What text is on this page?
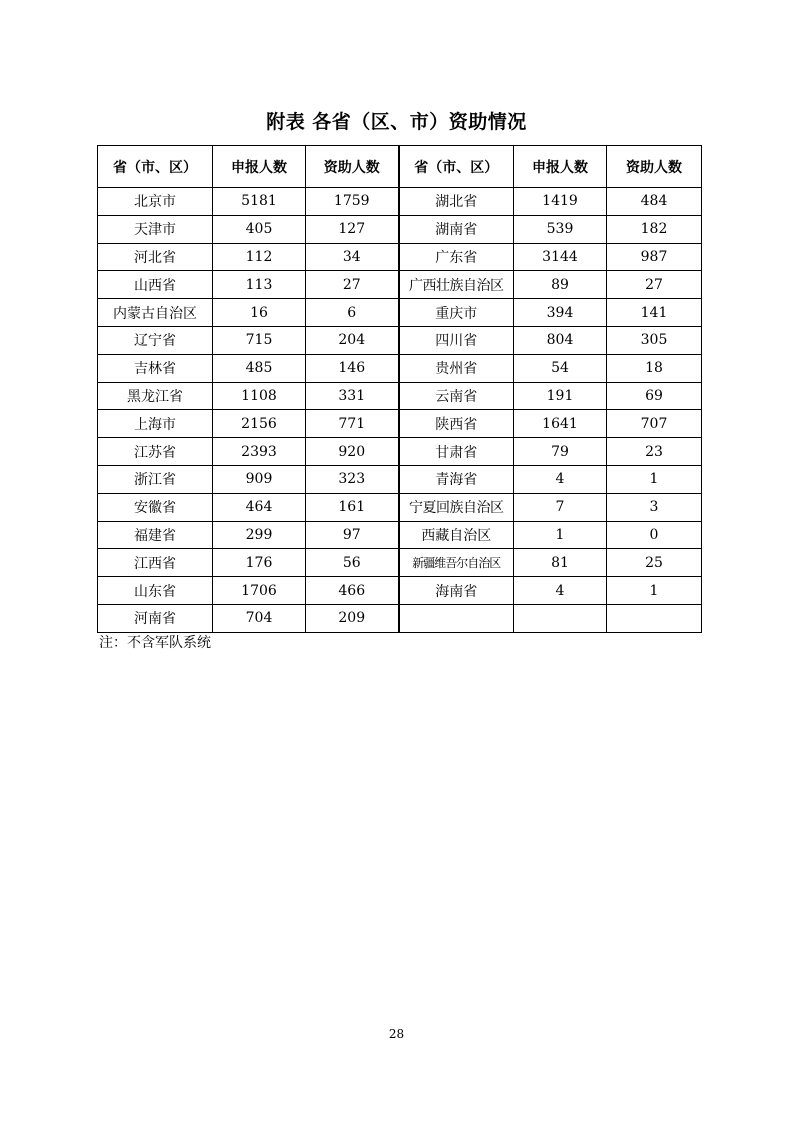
附表 各省（区、市）资助情况
省（市、区）	申报人数	资助人数	省（市、区）	申报人数	资助人数
北京市	5181	1759	湖北省	1419	484
天津市	405	127	湖南省	539	182
河北省	112	34	广东省	3144	987
山西省	113	27	广西壮族自治区	89	27
内蒙古自治区	16	6	重庆市	394	141
辽宁省	715	204	四川省	804	305
吉林省	485	146	贵州省	54	18
黑龙江省	1108	331	云南省	191	69
上海市	2156	771	陕西省	1641	707
江苏省	2393	920	甘肃省	79	23
浙江省	909	323	青海省	4	1
安徽省	464	161	宁夏回族自治区	7	3
福建省	299	97	西藏自治区	1	0
江西省	176	56	新疆维吾尔自治区	81	25
山东省	1706	466	海南省	4	1
河南省	704	209			
注：不含军队系统
28
